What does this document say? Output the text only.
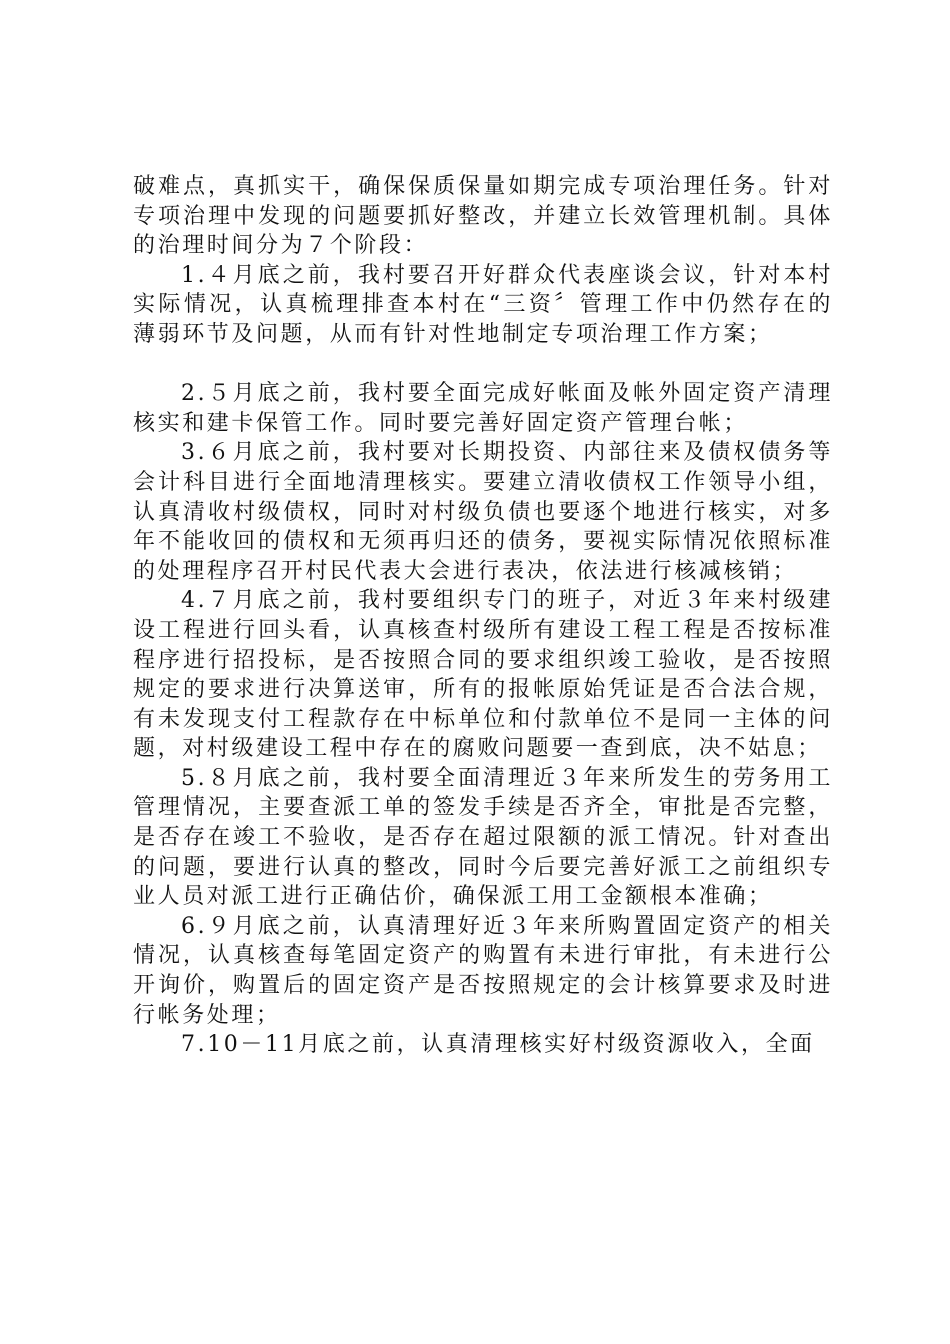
破难点，真抓实干，确保保质保量如期完成专项治理任务。针对专项治理中发现的问题要抓好整改，并建立长效管理机制。具体的治理时间分为７个阶段：

1.４月底之前，我村要召开好群众代表座谈会议，针对本村实际情况，认真梳理排查本村在“三资〞管理工作中仍然存在的薄弱环节及问题，从而有针对性地制定专项治理工作方案；

2.５月底之前，我村要全面完成好帐面及帐外固定资产清理核实和建卡保管工作。同时要完善好固定资产管理台帐；

3.６月底之前，我村要对长期投资、内部往来及债权债务等会计科目进行全面地清理核实。要建立清收债权工作领导小组，认真清收村级债权，同时对村级负债也要逐个地进行核实，对多年不能收回的债权和无须再归还的债务，要视实际情况依照标准的处理程序召开村民代表大会进行表决，依法进行核减核销；

4.７月底之前，我村要组织专门的班子，对近３年来村级建设工程进行回头看，认真核查村级所有建设工程工程是否按标准程序进行招投标，是否按照合同的要求组织竣工验收，是否按照规定的要求进行决算送审，所有的报帐原始凭证是否合法合规，有未发现支付工程款存在中标单位和付款单位不是同一主体的问题，对村级建设工程中存在的腐败问题要一查到底，决不姑息；

5.８月底之前，我村要全面清理近３年来所发生的劳务用工管理情况，主要查派工单的签发手续是否齐全，审批是否完整，是否存在竣工不验收，是否存在超过限额的派工情况。针对查出的问题，要进行认真的整改，同时今后要完善好派工之前组织专业人员对派工进行正确估价，确保派工用工金额根本准确；

6.９月底之前，认真清理好近３年来所购置固定资产的相关情况，认真核查每笔固定资产的购置有未进行审批，有未进行公开询价，购置后的固定资产是否按照规定的会计核算要求及时进行帐务处理；

7.10－11月底之前，认真清理核实好村级资源收入，全面
